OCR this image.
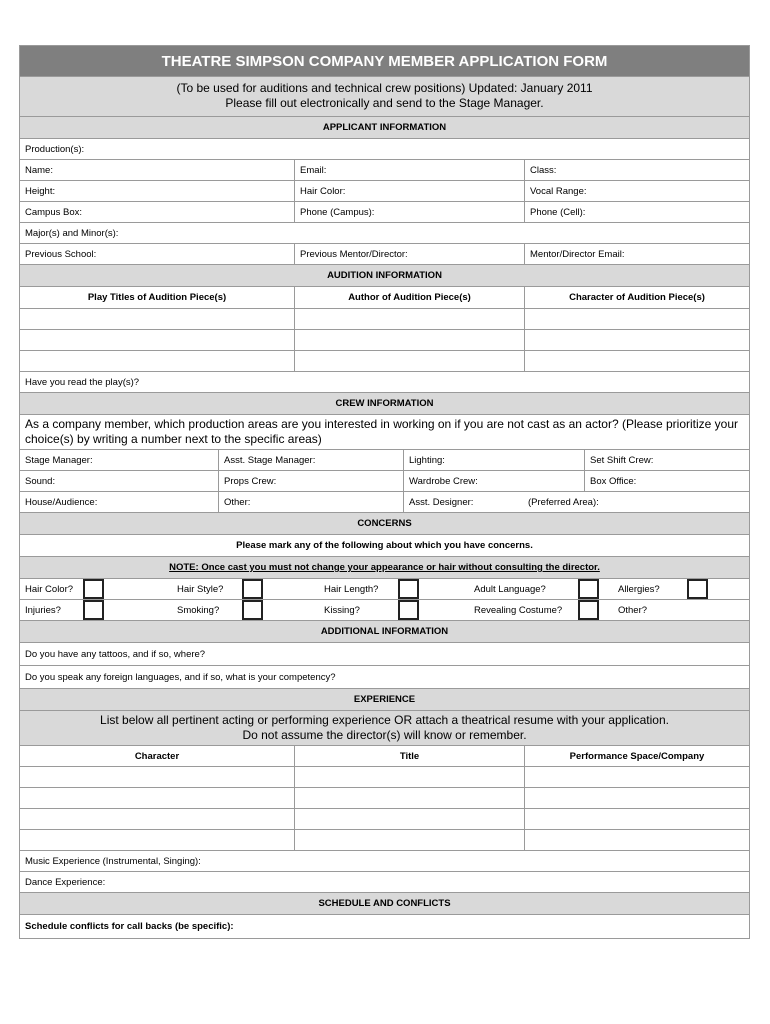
THEATRE SIMPSON COMPANY MEMBER APPLICATION FORM
(To be used for auditions and technical crew positions) Updated: January 2011
Please fill out electronically and send to the Stage Manager.
APPLICANT INFORMATION
Production(s):
Name:	Email:	Class:
Height:	Hair Color:	Vocal Range:
Campus Box:	Phone (Campus):	Phone (Cell):
Major(s) and Minor(s):
Previous School:	Previous Mentor/Director:	Mentor/Director Email:
AUDITION INFORMATION
Play Titles of Audition Piece(s)	Author of Audition Piece(s)	Character of Audition Piece(s)
Have you read the play(s)?
CREW INFORMATION
As a company member, which production areas are you interested in working on if you are not cast as an actor? (Please prioritize your choice(s) by writing a number next to the specific areas)
Stage Manager:	Asst. Stage Manager:	Lighting:	Set Shift Crew:
Sound:	Props Crew:	Wardrobe Crew:	Box Office:
House/Audience:	Other:	Asst. Designer:	(Preferred Area):
CONCERNS
Please mark any of the following about which you have concerns.
NOTE: Once cast you must not change your appearance or hair without consulting the director.
Hair Color?	Hair Style?	Hair Length?	Adult Language?	Allergies?
Injuries?	Smoking?	Kissing?	Revealing Costume?	Other?
ADDITIONAL INFORMATION
Do you have any tattoos, and if so, where?
Do you speak any foreign languages, and if so, what is your competency?
EXPERIENCE
List below all pertinent acting or performing experience OR attach a theatrical resume with your application.
Do not assume the director(s) will know or remember.
Character	Title	Performance Space/Company
Music Experience (Instrumental, Singing):
Dance Experience:
SCHEDULE AND CONFLICTS
Schedule conflicts for call backs (be specific):
